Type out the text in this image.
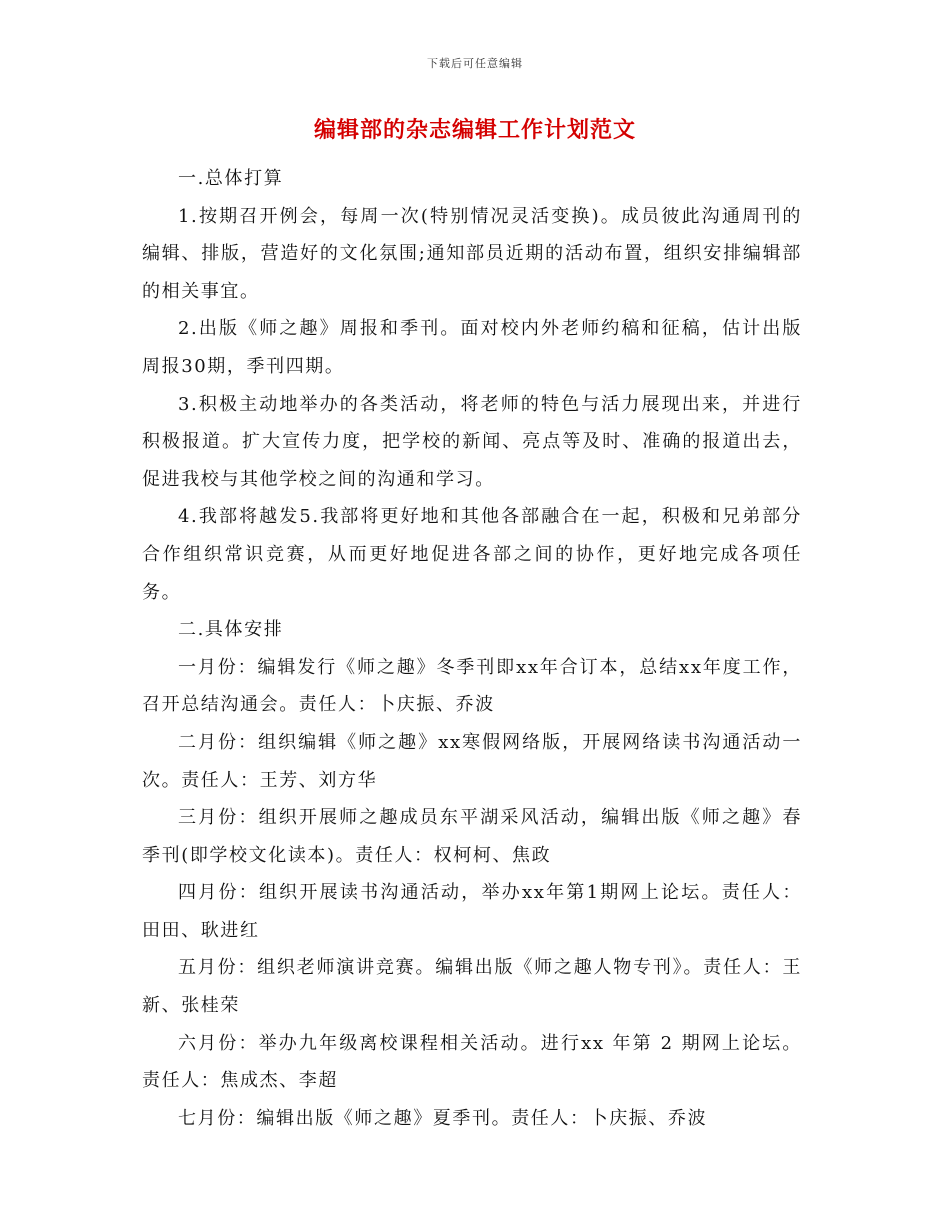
下载后可任意编辑
编辑部的杂志编辑工作计划范文

一.总体打算

1.按期召开例会，每周一次(特别情况灵活变换)。成员彼此沟通周刊的编辑、排版，营造好的文化氛围;通知部员近期的活动布置，组织安排编辑部的相关事宜。

2.出版《师之趣》周报和季刊。面对校内外老师约稿和征稿，估计出版周报30期，季刊四期。

3.积极主动地举办的各类活动，将老师的特色与活力展现出来，并进行积极报道。扩大宣传力度，把学校的新闻、亮点等及时、准确的报道出去，促进我校与其他学校之间的沟通和学习。

4.我部将越发5.我部将更好地和其他各部融合在一起，积极和兄弟部分合作组织常识竞赛，从而更好地促进各部之间的协作，更好地完成各项任务。

二.具体安排

一月份：编辑发行《师之趣》冬季刊即xx年合订本，总结xx年度工作，召开总结沟通会。责任人：卜庆振、乔波

二月份：组织编辑《师之趣》xx寒假网络版，开展网络读书沟通活动一次。责任人：王芳、刘方华

三月份：组织开展师之趣成员东平湖采风活动，编辑出版《师之趣》春季刊(即学校文化读本)。责任人：权柯柯、焦政

四月份：组织开展读书沟通活动，举办xx年第1期网上论坛。责任人：田田、耿进红

五月份：组织老师演讲竞赛。编辑出版《师之趣人物专刊》。责任人：王新、张桂荣

六月份：举办九年级离校课程相关活动。进行xx 年第 2 期网上论坛。责任人：焦成杰、李超

七月份：编辑出版《师之趣》夏季刊。责任人：卜庆振、乔波
